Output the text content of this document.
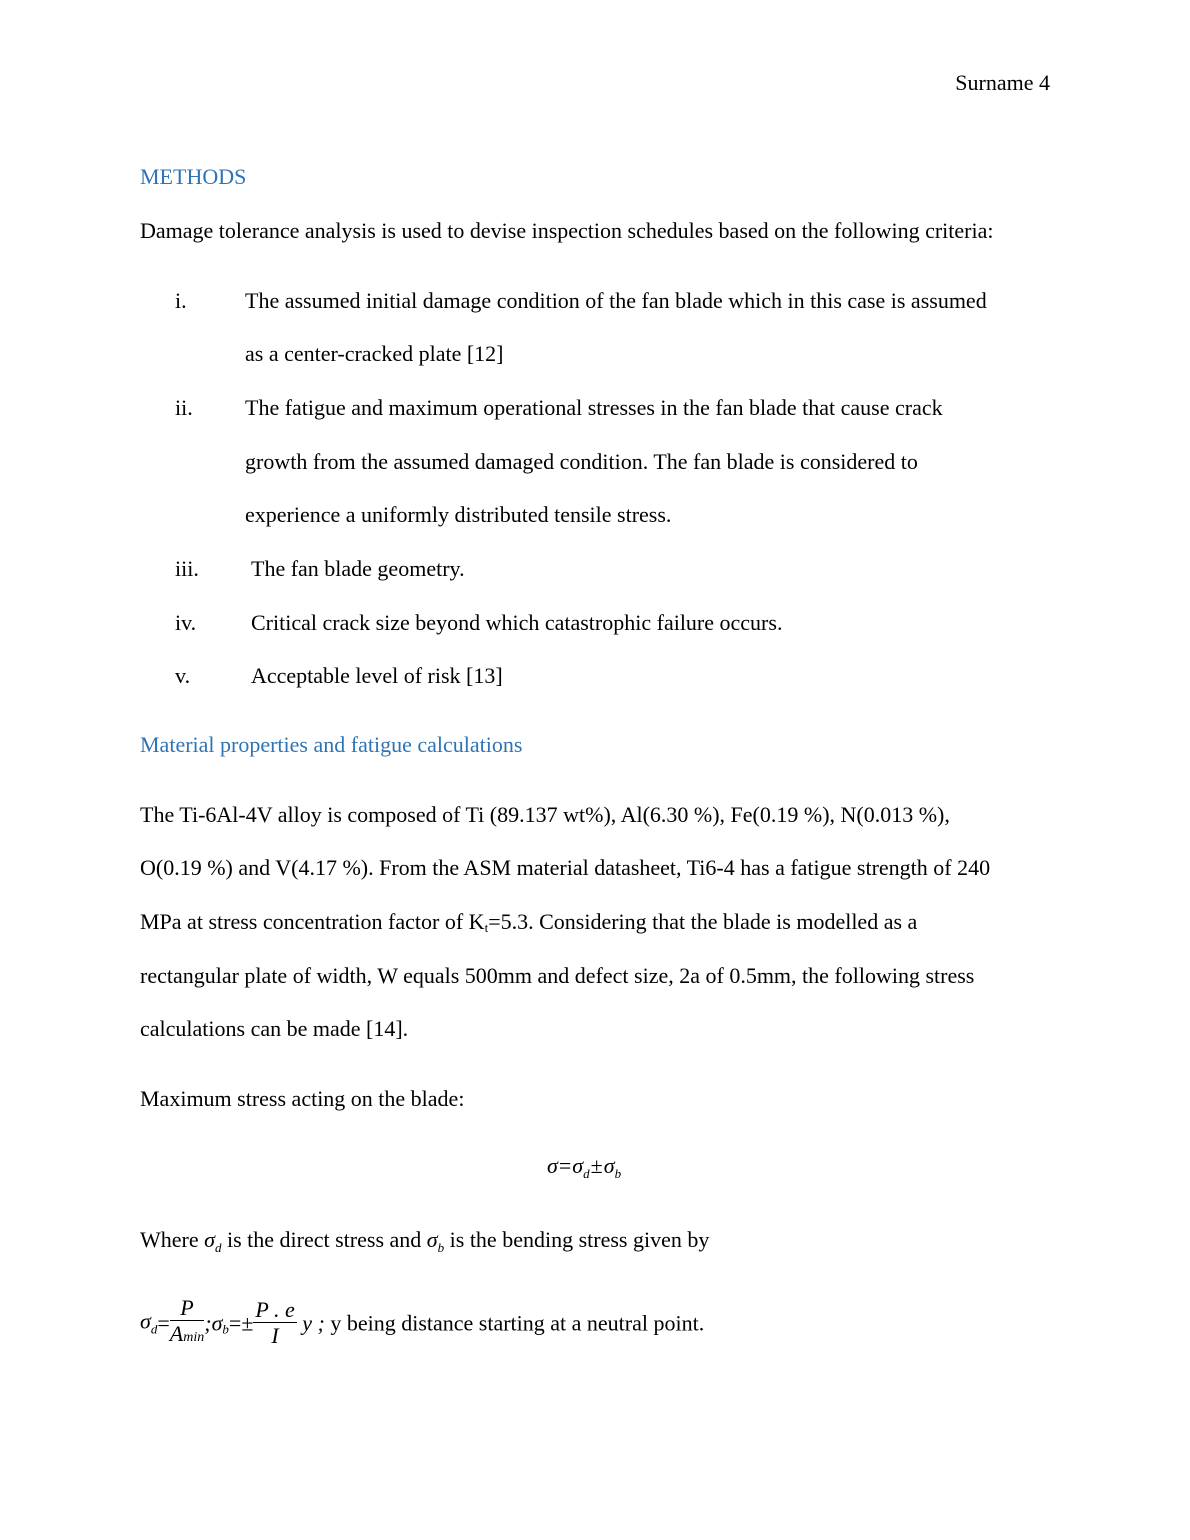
Surname 4
METHODS
Damage tolerance analysis is used to devise inspection schedules based on the following criteria:
i.	The assumed initial damage condition of the fan blade which in this case is assumed
as a center-cracked plate [12]
ii. The fatigue and maximum operational stresses in the fan blade that cause crack
growth from the assumed damaged condition. The fan blade is considered to
experience a uniformly distributed tensile stress.
iii. The fan blade geometry.
iv. Critical crack size beyond which catastrophic failure occurs.
v.	Acceptable level of risk [13]
Material properties and fatigue calculations
The Ti-6Al-4V alloy is composed of Ti (89.137 wt%), Al(6.30 %), Fe(0.19 %), N(0.013 %),
O(0.19 %) and V(4.17 %). From the ASM material datasheet, Ti6-4 has a fatigue strength of 240
MPa at stress concentration factor of Kt=5.3. Considering that the blade is modelled as a
rectangular plate of width, W equals 500mm and defect size, 2a of 0.5mm, the following stress
calculations can be made [14].
Maximum stress acting on the blade:
$\sigma=\sigma_d\pm\sigma_b$
Where $\sigma_d$ is the direct stress and $\sigma_b$ is the bending stress given by
$\sigma_d= \frac{P}{Amin}$ $;\sigma_b=\pm \frac{P . e}{I}$ y ; y being distance starting at a neutral point.
